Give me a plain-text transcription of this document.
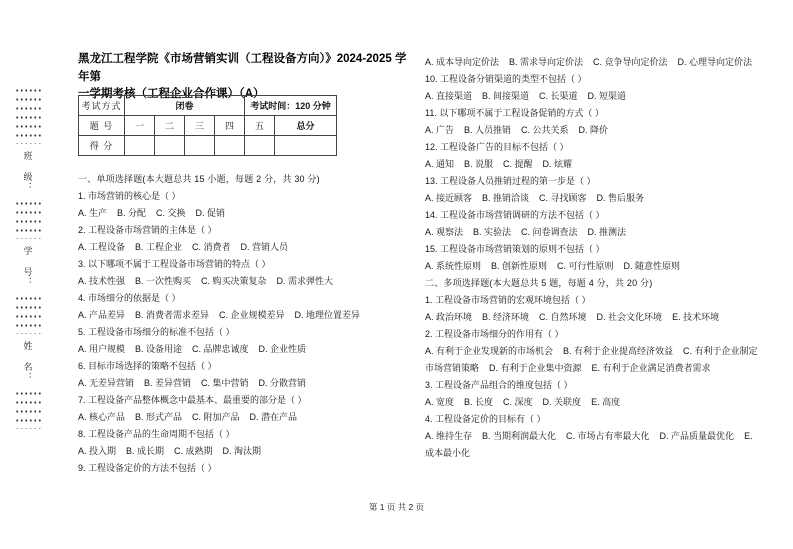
班 级：
学 号：
姓 名：
黑龙江工程学院《市场营销实训（工程设备方向）》2024-2025 学年第
一学期考核（工程企业合作课）（A）
考试方式	闭卷				考试时间：120 分钟	
题 号	一	二	三	四	五	总分
得 分						
一、单项选择题(本大题总共 15 小题，每题 2 分，共 30 分)
1. 市场营销的核心是（ ）
A. 生产 B. 分配 C. 交换 D. 促销
2. 工程设备市场营销的主体是（ ）
A. 工程设备 B. 工程企业 C. 消费者 D. 营销人员
3. 以下哪项不属于工程设备市场营销的特点（ ）
A. 技术性强 B. 一次性购买 C. 购买决策复杂 D. 需求弹性大
4. 市场细分的依据是（ ）
A. 产品差异 B. 消费者需求差异 C. 企业规模差异 D. 地理位置差异
5. 工程设备市场细分的标准不包括（ ）
A. 用户规模 B. 设备用途 C. 品牌忠诚度 D. 企业性质
6. 目标市场选择的策略不包括（ ）
A. 无差异营销 B. 差异营销 C. 集中营销 D. 分散营销
7. 工程设备产品整体概念中最基本、最重要的部分是（ ）
A. 核心产品 B. 形式产品 C. 附加产品 D. 潜在产品
8. 工程设备产品的生命周期不包括（ ）
A. 投入期 B. 成长期 C. 成熟期 D. 淘汰期
9. 工程设备定价的方法不包括（ ）
A. 成本导向定价法 B. 需求导向定价法 C. 竞争导向定价法 D. 心理导向定价法
10. 工程设备分销渠道的类型不包括（ ）
A. 直接渠道 B. 间接渠道 C. 长渠道 D. 短渠道
11. 以下哪项不属于工程设备促销的方式（ ）
A. 广告 B. 人员推销 C. 公共关系 D. 降价
12. 工程设备广告的目标不包括（ ）
A. 通知 B. 说服 C. 提醒 D. 炫耀
13. 工程设备人员推销过程的第一步是（ ）
A. 接近顾客 B. 推销洽谈 C. 寻找顾客 D. 售后服务
14. 工程设备市场营销调研的方法不包括（ ）
A. 观察法 B. 实验法 C. 问卷调查法 D. 推测法
15. 工程设备市场营销策划的原则不包括（ ）
A. 系统性原则 B. 创新性原则 C. 可行性原则 D. 随意性原则
二、多项选择题(本大题总共 5 题，每题 4 分，共 20 分)
1. 工程设备市场营销的宏观环境包括（ ）
A. 政治环境 B. 经济环境 C. 自然环境 D. 社会文化环境 E. 技术环境
2. 工程设备市场细分的作用有（ ）
A. 有利于企业发现新的市场机会 B. 有利于企业提高经济效益 C. 有利于企业制定市场营销策略 D. 有利于企业集中资源 E. 有利于企业满足消费者需求
3. 工程设备产品组合的维度包括（ ）
A. 宽度 B. 长度 C. 深度 D. 关联度 E. 高度
4. 工程设备定价的目标有（ ）
A. 维持生存 B. 当期利润最大化 C. 市场占有率最大化 D. 产品质量最优化 E. 成本最小化
第 1 页 共 2 页
